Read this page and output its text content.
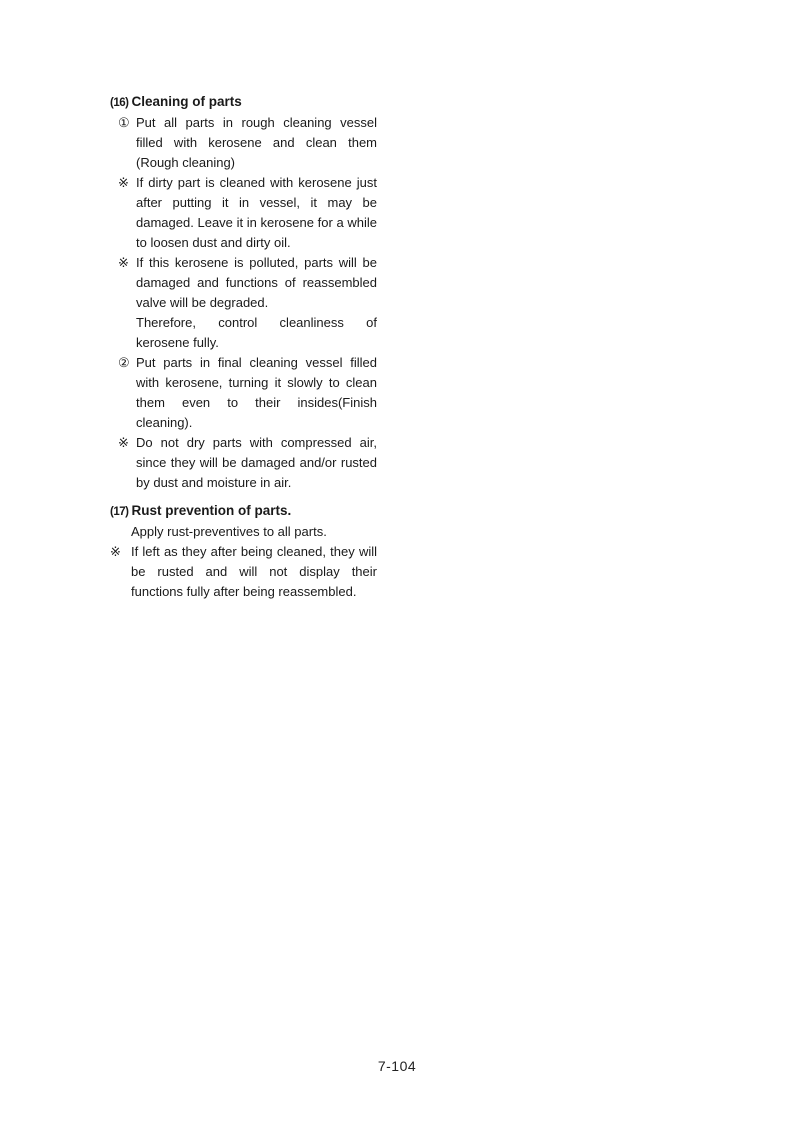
(16) Cleaning of parts
① Put all parts in rough cleaning vessel filled with kerosene and clean them (Rough cleaning)
※ If dirty part is cleaned with kerosene just after putting it in vessel, it may be damaged. Leave it in kerosene for a while to loosen dust and dirty oil.
※ If this kerosene is polluted, parts will be damaged and functions of reassembled valve will be degraded.
Therefore, control cleanliness of kerosene fully.
② Put parts in final cleaning vessel filled with kerosene, turning it slowly to clean them even to their insides(Finish cleaning).
※ Do not dry parts with compressed air, since they will be damaged and/or rusted by dust and moisture in air.
(17) Rust prevention of parts.
Apply rust-preventives to all parts.
※ If left as they after being cleaned, they will be rusted and will not display their functions fully after being reassembled.
7-104
